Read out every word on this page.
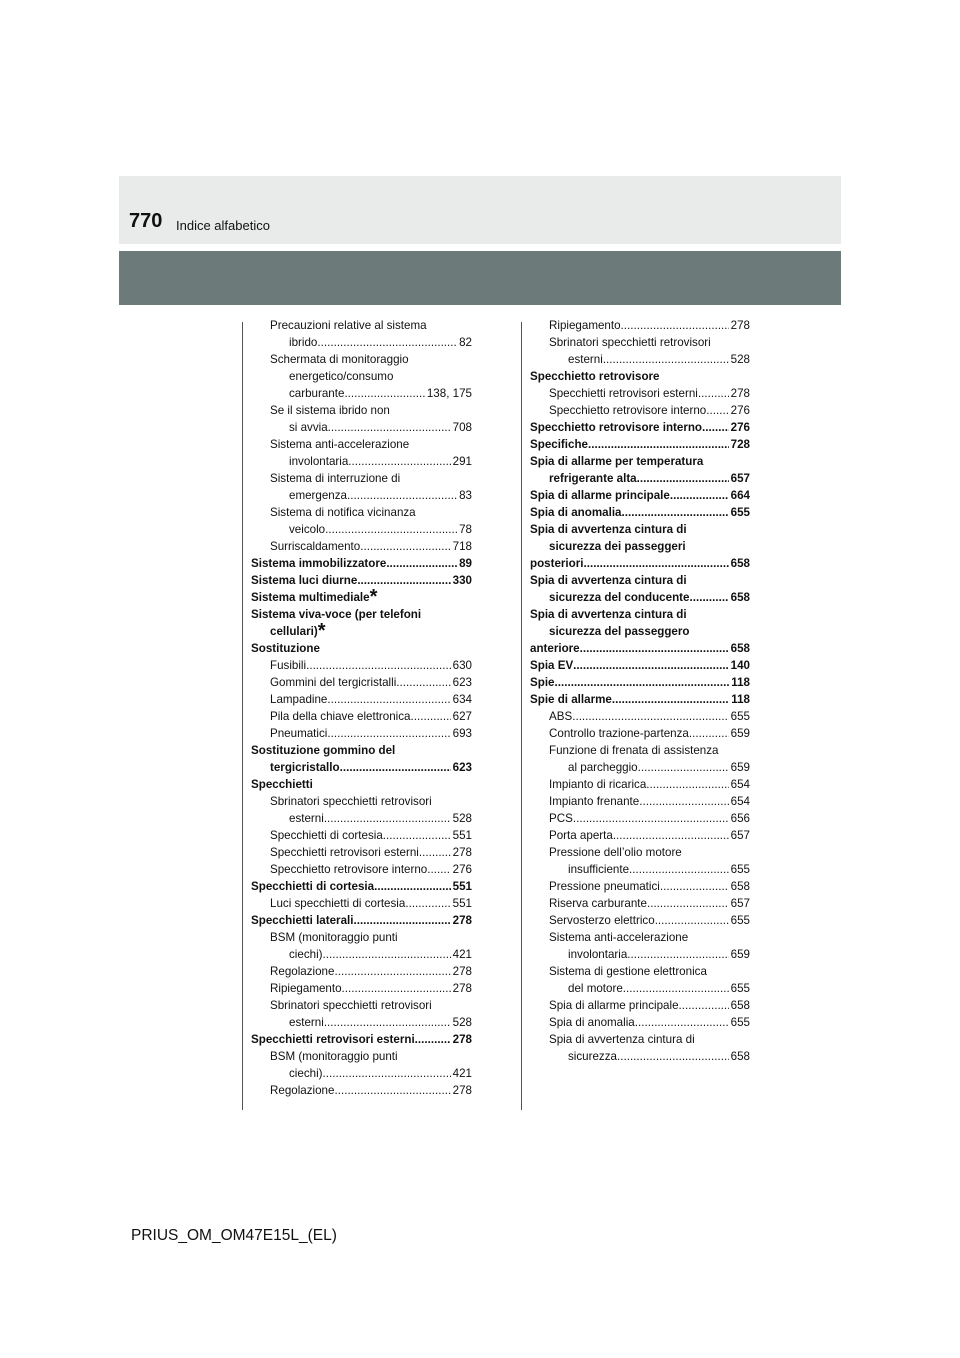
770 Indice alfabetico
Precauzioni relative al sistema
ibrido . . .	82
Schermata di monitoraggio
energetico/consumo
carburante . . .	138, 175
Se il sistema ibrido non
si avvia . . .	708
Sistema anti-accelerazione
involontaria . . .	291
Sistema di interruzione di
emergenza . . .	83
Sistema di notifica vicinanza
veicolo . . .	78
Surriscaldamento . . .	718
Sistema immobilizzatore . . .	89
Sistema luci diurne . . .	330
Sistema multimediale*
Sistema viva-voce (per telefoni
cellulari)*
Sostituzione
Fusibili . . .	630
Gommini del tergicristalli . . .	623
Lampadine . . .	634
Pila della chiave elettronica . . .	627
Pneumatici . . .	693
Sostituzione gommino del
tergicristallo . . .	623
Specchietti
Sbrinatori specchietti retrovisori
esterni . . .	528
Specchietti di cortesia . . .	551
Specchietti retrovisori esterni . . .	278
Specchietto retrovisore interno . . . 276
Specchietti di cortesia . . .	551
Luci specchietti di cortesia . . .	551
Specchietti laterali . . .	278
BSM (monitoraggio punti
ciechi) . . .	421
Regolazione . . .	278
Ripiegamento . . .	278
Sbrinatori specchietti retrovisori
esterni . . .	528
Specchietti retrovisori esterni . . .	278
BSM (monitoraggio punti
ciechi) . . .	421
Regolazione . . .	278
Ripiegamento . . .	278
Sbrinatori specchietti retrovisori
esterni . . .	528
Specchietto retrovisore
Specchietti retrovisori esterni . . .	278
Specchietto retrovisore interno . . . 276
Specchietto retrovisore interno . . . 276
Specifiche . . .	728
Spia di allarme per temperatura
refrigerante alta . . .	657
Spia di allarme principale . . .	664
Spia di anomalia . . .	655
Spia di avvertenza cintura di
sicurezza dei passeggeri
posteriori . . .	658
Spia di avvertenza cintura di
sicurezza del conducente . . .	658
Spia di avvertenza cintura di
sicurezza del passeggero
anteriore . . .	658
Spia EV . . .	140
Spie . . .	118
Spie di allarme . . .	118
ABS . . .	655
Controllo trazione-partenza . . .	659
Funzione di frenata di assistenza
al parcheggio . . .	659
Impianto di ricarica . . .	654
Impianto frenante . . .	654
PCS . . .	656
Porta aperta . . .	657
Pressione dell’olio motore
insufficiente . . .	655
Pressione pneumatici . . .	658
Riserva carburante . . .	657
Servosterzo elettrico . . .	655
Sistema anti-accelerazione
involontaria . . .	659
Sistema di gestione elettronica
del motore . . .	655
Spia di allarme principale . . .	658
Spia di anomalia . . .	655
Spia di avvertenza cintura di
sicurezza . . .	658
PRIUS_OM_OM47E15L_(EL)
